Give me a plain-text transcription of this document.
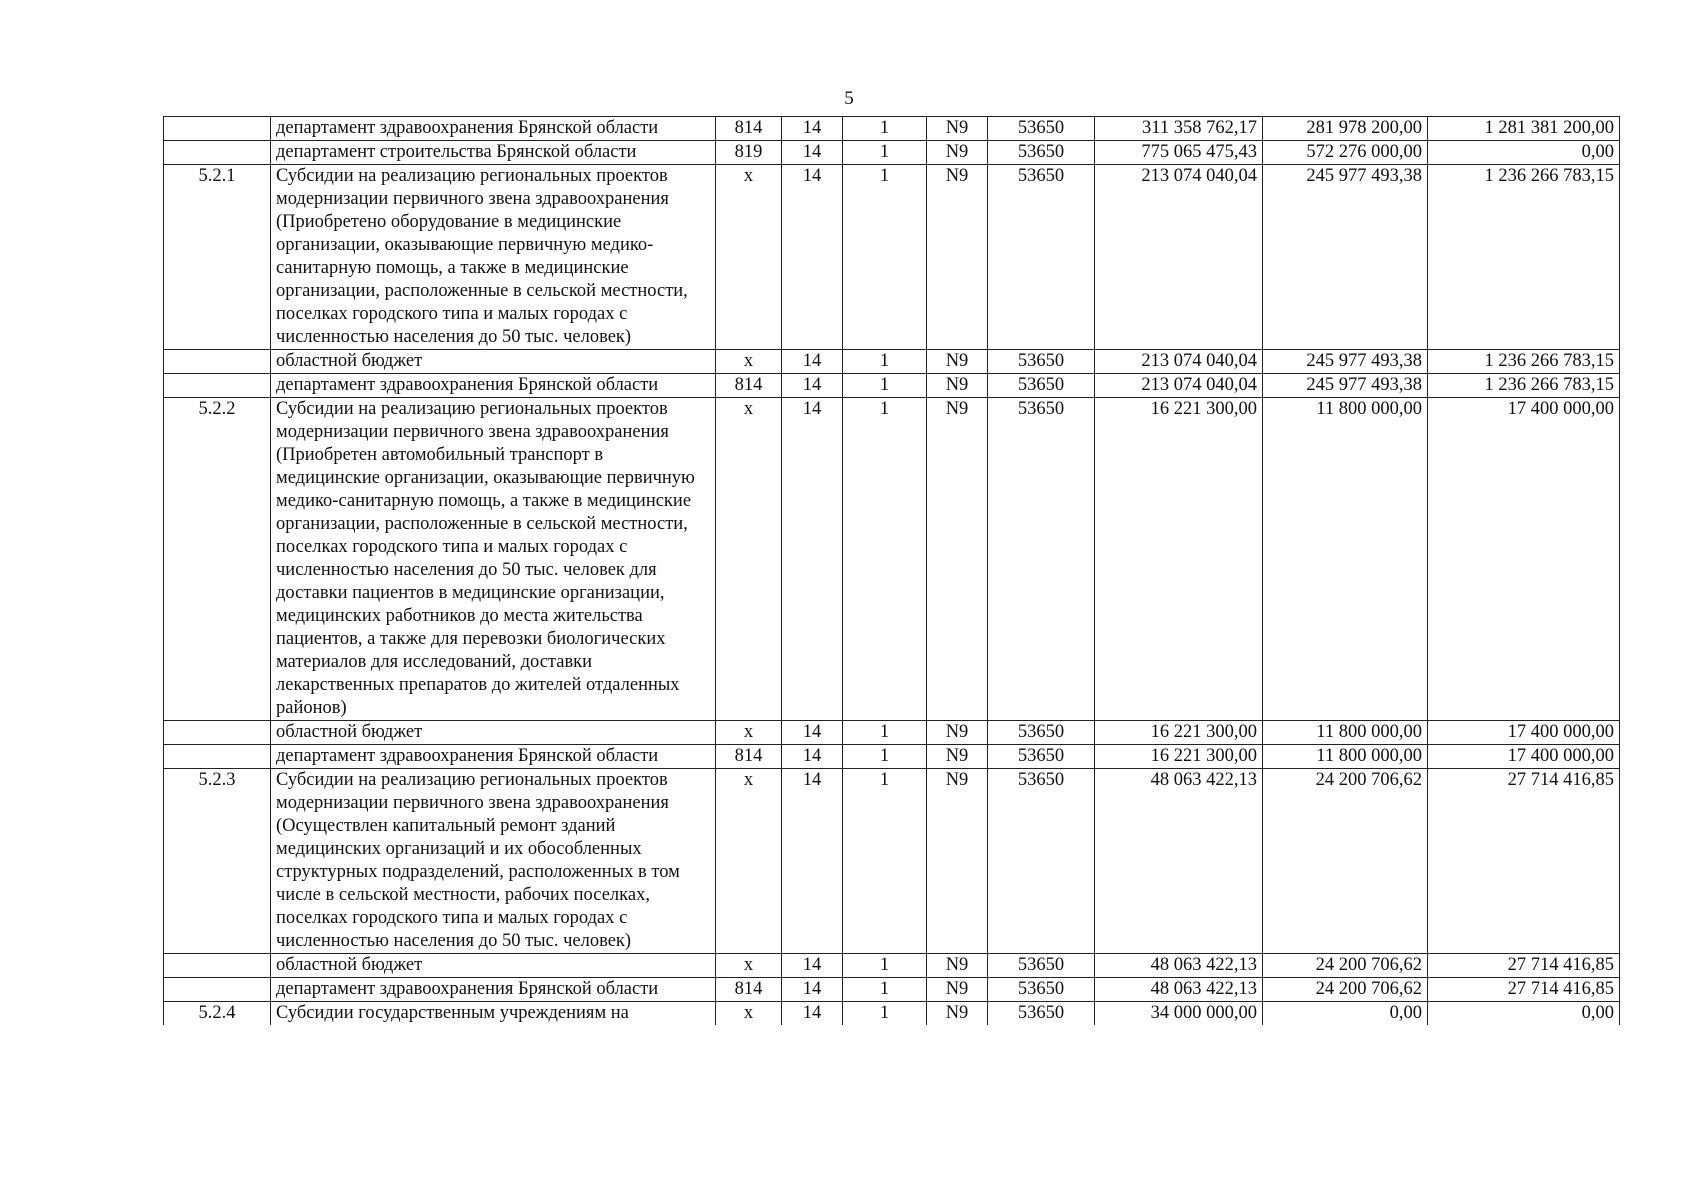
5
	департамент здравоохранения Брянской области	814	14	1	N9	53650	311 358 762,17	281 978 200,00	1 281 381 200,00
	департамент строительства Брянской области	819	14	1	N9	53650	775 065 475,43	572 276 000,00	0,00
5.2.1	Субсидии на реализацию региональных проектов модернизации первичного звена здравоохранения (Приобретено оборудование в медицинские организации, оказывающие первичную медико-санитарную помощь, а также в медицинские организации, расположенные в сельской местности, поселках городского типа и малых городах с численностью населения до 50 тыс. человек)	х	14	1	N9	53650	213 074 040,04	245 977 493,38	1 236 266 783,15
	областной бюджет	х	14	1	N9	53650	213 074 040,04	245 977 493,38	1 236 266 783,15
	департамент здравоохранения Брянской области	814	14	1	N9	53650	213 074 040,04	245 977 493,38	1 236 266 783,15
5.2.2	Субсидии на реализацию региональных проектов модернизации первичного звена здравоохранения (Приобретен автомобильный транспорт в медицинские организации, оказывающие первичную медико-санитарную помощь, а также в медицинские организации, расположенные в сельской местности, поселках городского типа и малых городах с численностью населения до 50 тыс. человек для доставки пациентов в медицинские организации, медицинских работников до места жительства пациентов, а также для перевозки биологических материалов для исследований, доставки лекарственных препаратов до жителей отдаленных районов)	х	14	1	N9	53650	16 221 300,00	11 800 000,00	17 400 000,00
	областной бюджет	х	14	1	N9	53650	16 221 300,00	11 800 000,00	17 400 000,00
	департамент здравоохранения Брянской области	814	14	1	N9	53650	16 221 300,00	11 800 000,00	17 400 000,00
5.2.3	Субсидии на реализацию региональных проектов модернизации первичного звена здравоохранения (Осуществлен капитальный ремонт зданий медицинских организаций и их обособленных структурных подразделений, расположенных в том числе в сельской местности, рабочих поселках, поселках городского типа и малых городах с численностью населения до 50 тыс. человек)	х	14	1	N9	53650	48 063 422,13	24 200 706,62	27 714 416,85
	областной бюджет	х	14	1	N9	53650	48 063 422,13	24 200 706,62	27 714 416,85
	департамент здравоохранения Брянской области	814	14	1	N9	53650	48 063 422,13	24 200 706,62	27 714 416,85
5.2.4	Субсидии государственным учреждениям на	х	14	1	N9	53650	34 000 000,00	0,00	0,00
